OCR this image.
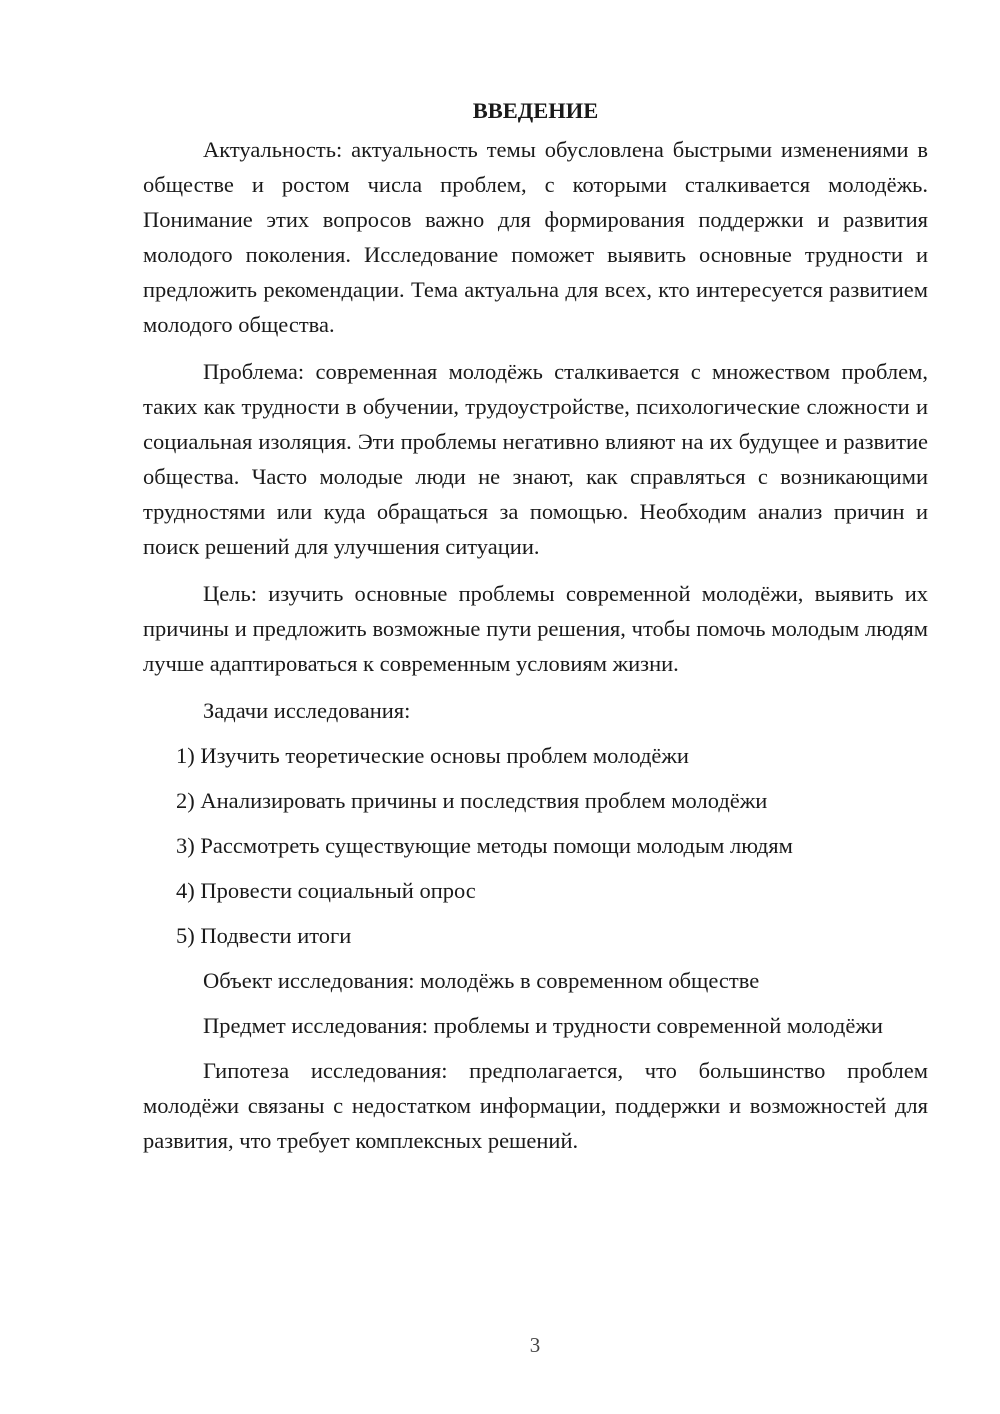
ВВЕДЕНИЕ

Актуальность: актуальность темы обусловлена быстрыми изменениями в обществе и ростом числа проблем, с которыми сталкивается молодёжь. Понимание этих вопросов важно для формирования поддержки и развития молодого поколения. Исследование поможет выявить основные трудности и предложить рекомендации. Тема актуальна для всех, кто интересуется развитием молодого общества.

Проблема: современная молодёжь сталкивается с множеством проблем, таких как трудности в обучении, трудоустройстве, психологические сложности и социальная изоляция. Эти проблемы негативно влияют на их будущее и развитие общества. Часто молодые люди не знают, как справляться с возникающими трудностями или куда обращаться за помощью. Необходим анализ причин и поиск решений для улучшения ситуации.

Цель: изучить основные проблемы современной молодёжи, выявить их причины и предложить возможные пути решения, чтобы помочь молодым людям лучше адаптироваться к современным условиям жизни.

Задачи исследования:

1) Изучить теоретические основы проблем молодёжи
2) Анализировать причины и последствия проблем молодёжи
3) Рассмотреть существующие методы помощи молодым людям
4) Провести социальный опрос
5) Подвести итоги

Объект исследования: молодёжь в современном обществе

Предмет исследования: проблемы и трудности современной молодёжи

Гипотеза исследования: предполагается, что большинство проблем молодёжи связаны с недостатком информации, поддержки и возможностей для развития, что требует комплексных решений.

3
